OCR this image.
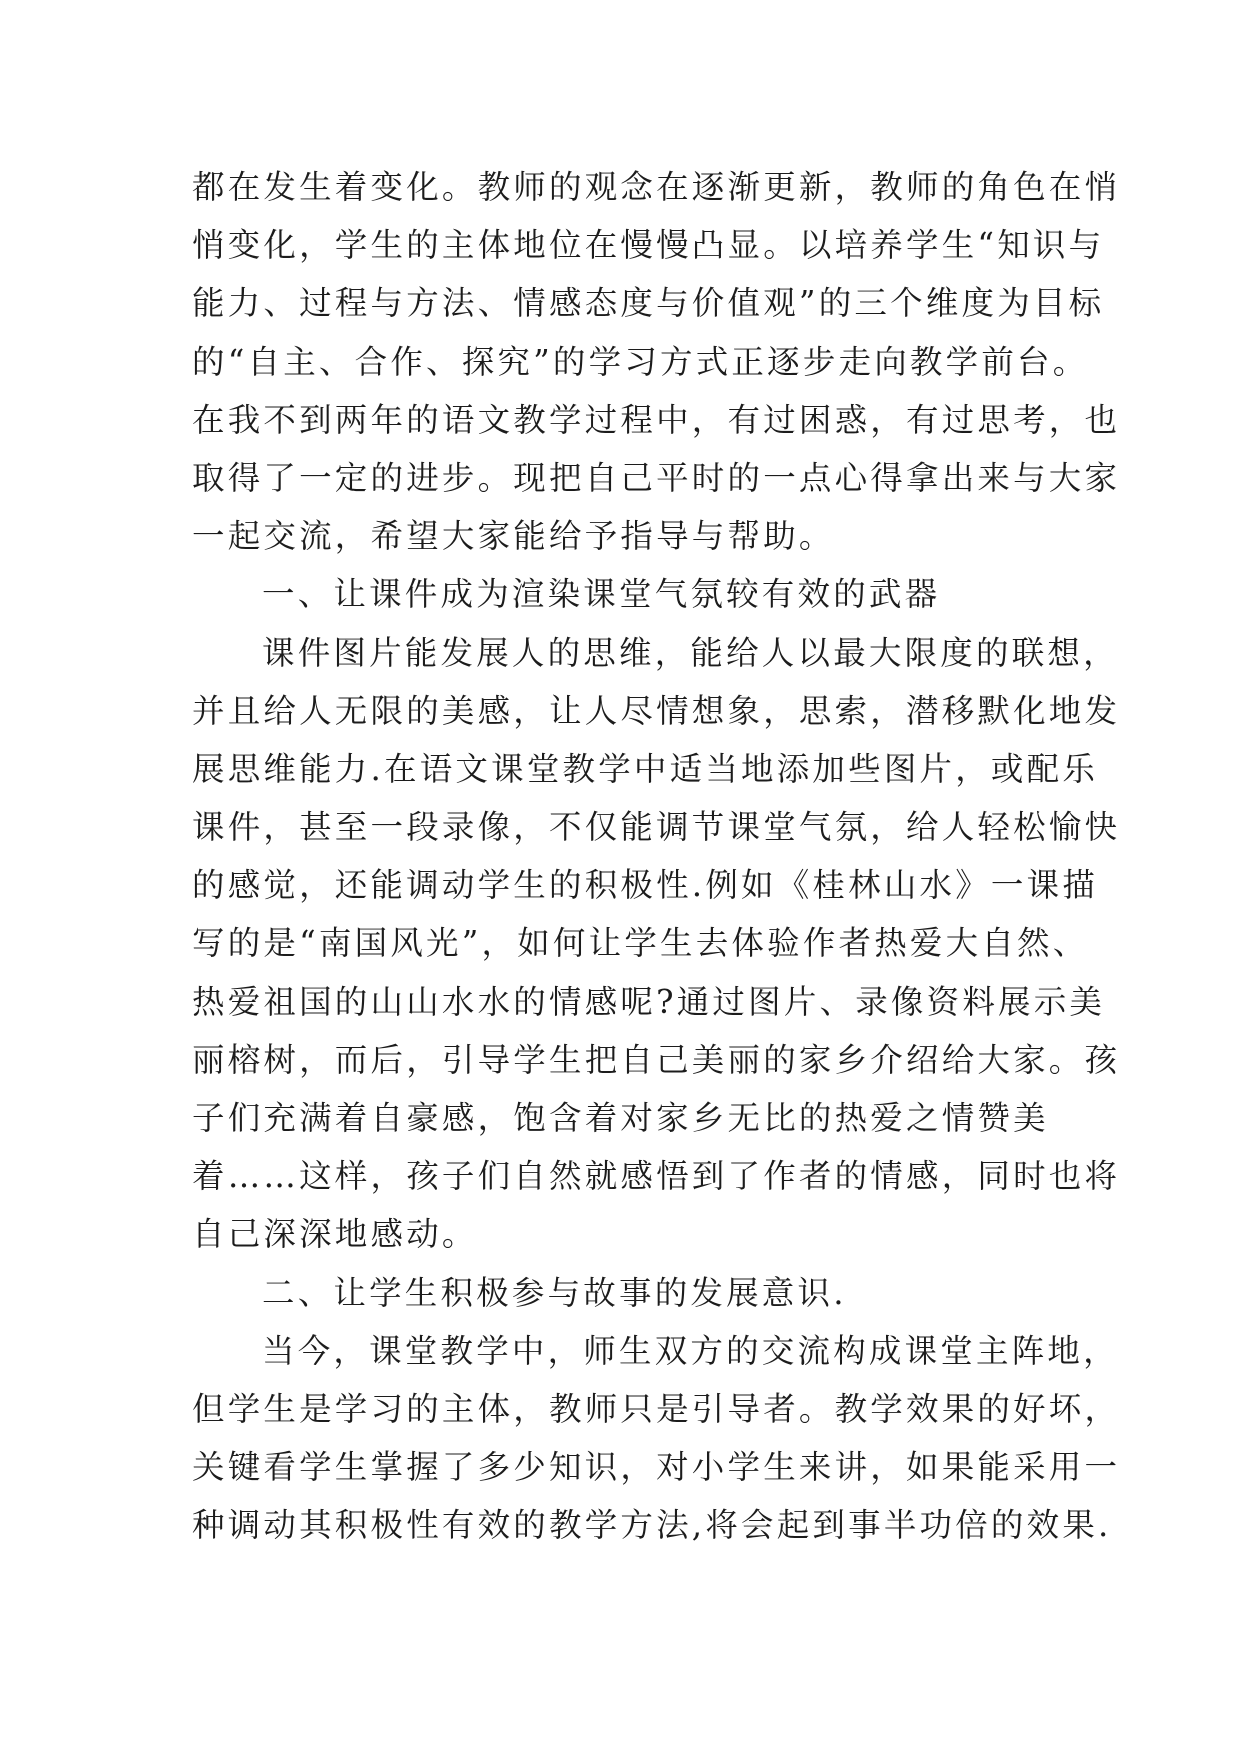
都在发生着变化。教师的观念在逐渐更新，教师的角色在悄
悄变化，学生的主体地位在慢慢凸显。以培养学生“知识与
能力、过程与方法、情感态度与价值观”的三个维度为目标
的“自主、合作、探究”的学习方式正逐步走向教学前台。
在我不到两年的语文教学过程中，有过困惑，有过思考，也
取得了一定的进步。现把自己平时的一点心得拿出来与大家
一起交流，希望大家能给予指导与帮助。
一、让课件成为渲染课堂气氛较有效的武器
课件图片能发展人的思维，能给人以最大限度的联想，
并且给人无限的美感，让人尽情想象，思索，潜移默化地发
展思维能力.在语文课堂教学中适当地添加些图片，或配乐
课件，甚至一段录像，不仅能调节课堂气氛，给人轻松愉快
的感觉，还能调动学生的积极性.例如《桂林山水》一课描
写的是“南国风光”，如何让学生去体验作者热爱大自然、
热爱祖国的山山水水的情感呢?通过图片、录像资料展示美
丽榕树，而后，引导学生把自己美丽的家乡介绍给大家。孩
子们充满着自豪感，饱含着对家乡无比的热爱之情赞美
着……这样，孩子们自然就感悟到了作者的情感，同时也将
自己深深地感动。
二、让学生积极参与故事的发展意识.
当今，课堂教学中，师生双方的交流构成课堂主阵地，
但学生是学习的主体，教师只是引导者。教学效果的好坏，
关键看学生掌握了多少知识，对小学生来讲，如果能采用一
种调动其积极性有效的教学方法,将会起到事半功倍的效果.
